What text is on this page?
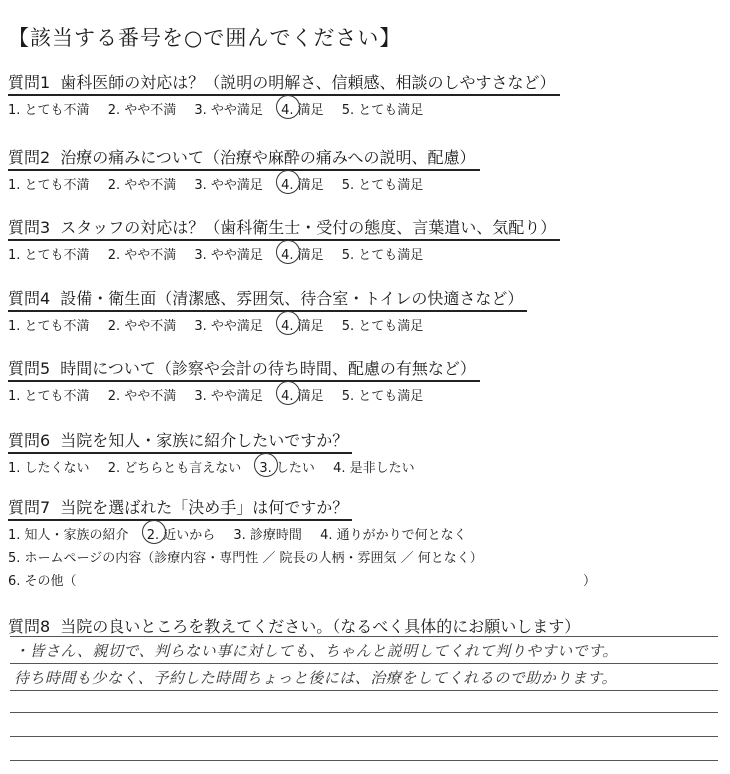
【該当する番号を○で囲んでください】
質問1 歯科医師の対応は？（説明の明解さ、信頼感、相談のしやすさなど）
1. とても不満 2. やや不満 3. やや満足 4. 満足 5. とても満足
質問2 治療の痛みについて（治療や麻酔の痛みへの説明、配慮）
1. とても不満 2. やや不満 3. やや満足 4. 満足 5. とても満足
質問3 スタッフの対応は？（歯科衛生士・受付の態度、言葉遣い、気配り）
1. とても不満 2. やや不満 3. やや満足 4. 満足 5. とても満足
質問4 設備・衛生面（清潔感、雰囲気、待合室・トイレの快適さなど）
1. とても不満 2. やや不満 3. やや満足 4. 満足 5. とても満足
質問5 時間について（診察や会計の待ち時間、配慮の有無など）
1. とても不満 2. やや不満 3. やや満足 4. 満足 5. とても満足
質問6 当院を知人・家族に紹介したいですか？
1. したくない 2. どちらとも言えない 3. したい 4. 是非したい
質問7 当院を選ばれた「決め手」は何ですか？
1. 知人・家族の紹介 2. 近いから 3. 診療時間 4. 通りがかりで何となく
5. ホームページの内容（診療内容・専門性 ／ 院長の人柄・雰囲気 ／ 何となく）
6. その他（	）
質問8 当院の良いところを教えてください。（なるべく具体的にお願いします）
・皆さん、親切で、判らない事に対しても、ちゃんと説明してくれて判りやすいです。
待ち時間も少なく、予約した時間ちょっと後には、治療をしてくれるので助かります。
